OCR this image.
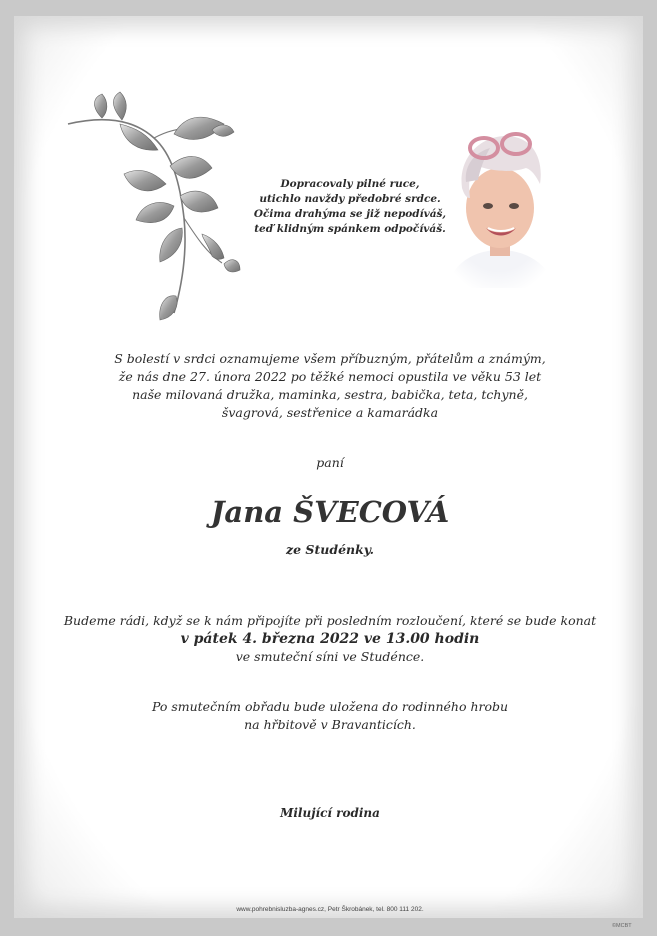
Dopracovaly pilné ruce,
utichlo navždy předobré srdce.
Očima drahýma se již nepodíváš,
teď klidným spánkem odpočíváš.
S bolestí v srdci oznamujeme všem příbuzným, přátelům a známým,
že nás dne 27. února 2022 po těžké nemoci opustila ve věku 53 let
naše milovaná družka, maminka, sestra, babička, teta, tchyně,
švagrová, sestřenice a kamarádka
paní
Jana ŠVECOVÁ
ze Studénky.
Budeme rádi, když se k nám připojíte při posledním rozloučení, které se bude konat
v pátek 4. března 2022 ve 13.00 hodin
ve smuteční síni ve Studénce.
Po smutečním obřadu bude uložena do rodinného hrobu
na hřbitově v Bravanticích.
Milující rodina
www.pohrebnisluzba-agnes.cz, Petr Škrobánek, tel. 800 111 202.
©MCBT
